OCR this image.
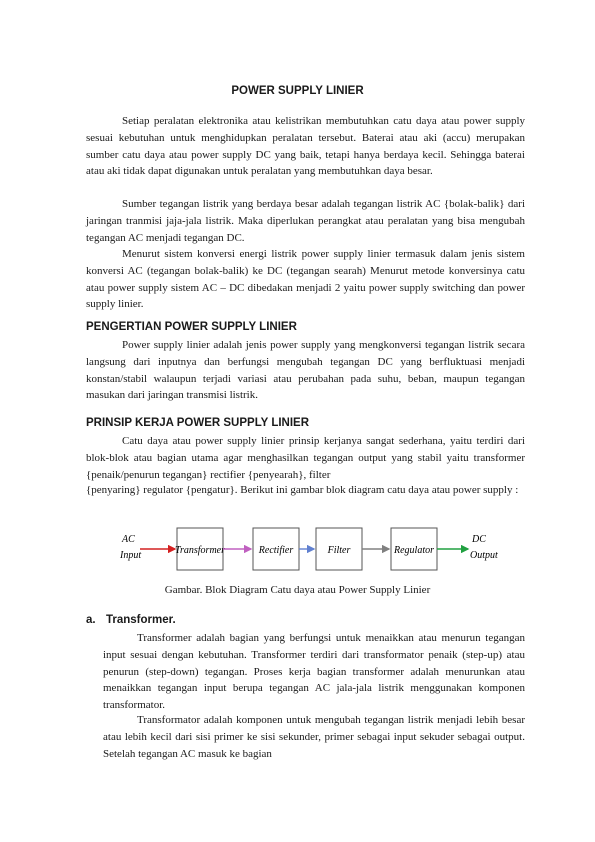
POWER SUPPLY LINIER

Setiap peralatan elektronika atau kelistrikan membutuhkan catu daya atau power supply sesuai kebutuhan untuk menghidupkan peralatan tersebut. Baterai atau aki (accu) merupakan sumber catu daya atau power supply DC yang baik, tetapi hanya berdaya kecil. Sehingga baterai atau aki tidak dapat digunakan untuk peralatan yang membutuhkan daya besar.

Sumber tegangan listrik yang berdaya besar adalah tegangan listrik AC {bolak-balik} dari jaringan tranmisi jaja-jala listrik. Maka diperlukan perangkat atau peralatan yang bisa mengubah tegangan AC menjadi tegangan DC.

Menurut sistem konversi energi listrik power supply linier termasuk dalam jenis sistem konversi AC (tegangan bolak-balik) ke DC (tegangan searah) Menurut metode konversinya catu atau power supply sistem AC – DC dibedakan menjadi 2 yaitu power supply switching dan power supply linier.

PENGERTIAN POWER SUPPLY LINIER

Power supply linier adalah jenis power supply yang mengkonversi tegangan listrik secara langsung dari inputnya dan berfungsi mengubah tegangan DC yang berfluktuasi menjadi konstan/stabil walaupun terjadi variasi atau perubahan pada suhu, beban, maupun tegangan masukan dari jaringan transmisi listrik.

PRINSIP KERJA POWER SUPPLY LINIER

Catu daya atau power supply linier prinsip kerjanya sangat sederhana, yaitu terdiri dari blok-blok atau bagian utama agar menghasilkan tegangan output yang stabil yaitu transformer {penaik/penurun tegangan} rectifier {penyearah}, filter

{penyaring} regulator {pengatur}. Berikut ini gambar blok diagram catu daya atau power supply :

AC
Input	Transformer	Rectifier	Filter	Regulator
DC
Output
Gambar. Blok Diagram Catu daya atau Power Supply Linier
a. Transformer.

Transformer adalah bagian yang berfungsi untuk menaikkan atau menurun tegangan input sesuai dengan kebutuhan. Transformer terdiri dari transformator penaik (step-up) atau penurun (step-down) tegangan. Proses kerja bagian transformer adalah menurunkan atau menaikkan tegangan input berupa tegangan AC jala-jala listrik menggunakan komponen transformator.

Transformator adalah komponen untuk mengubah tegangan listrik menjadi lebih besar atau lebih kecil dari sisi primer ke sisi sekunder, primer sebagai input sekuder sebagai output. Setelah tegangan AC masuk ke bagian
